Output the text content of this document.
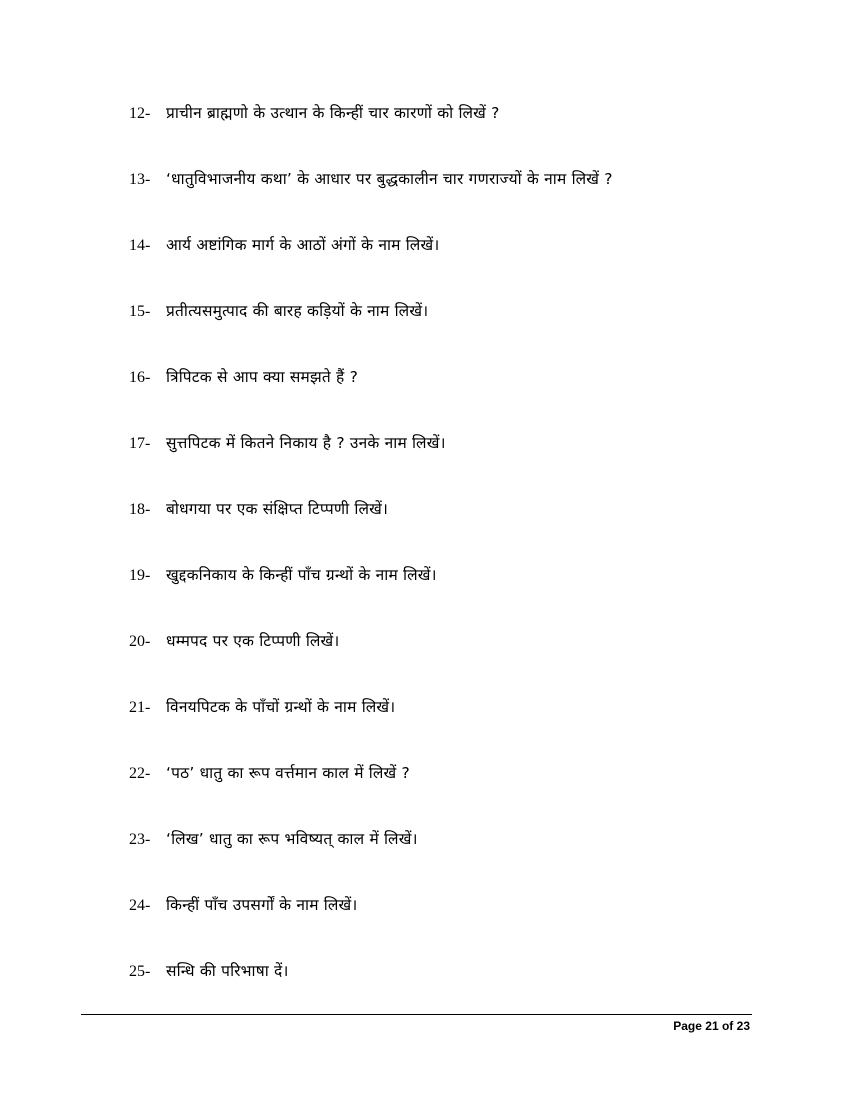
12- प्राचीन ब्राह्मणो के उत्थान के किन्हीं चार कारणों को लिखें ?
13- ‘धातुविभाजनीय कथा’ के आधार पर बुद्धकालीन चार गणराज्यों के नाम लिखें ?
14- आर्य अष्टांगिक मार्ग के आठों अंगों के नाम लिखें।
15- प्रतीत्यसमुत्पाद की बारह कड़ियों के नाम लिखें।
16- त्रिपिटक से आप क्या समझते हैं ?
17- सुत्तपिटक में कितने निकाय है ? उनके नाम लिखें।
18- बोधगया पर एक संक्षिप्त टिप्पणी लिखें।
19- खुद्दकनिकाय के किन्हीं पाँच ग्रन्थों के नाम लिखें।
20- धम्मपद पर एक टिप्पणी लिखें।
21- विनयपिटक के पाँचों ग्रन्थों के नाम लिखें।
22- ‘पठ’ धातु का रूप वर्त्तमान काल में लिखें ?
23- ‘लिख’ धातु का रूप भविष्यत् काल में लिखें।
24- किन्हीं पाँच उपसर्गों के नाम लिखें।
25- सन्धि की परिभाषा दें।
Page 21 of 23
